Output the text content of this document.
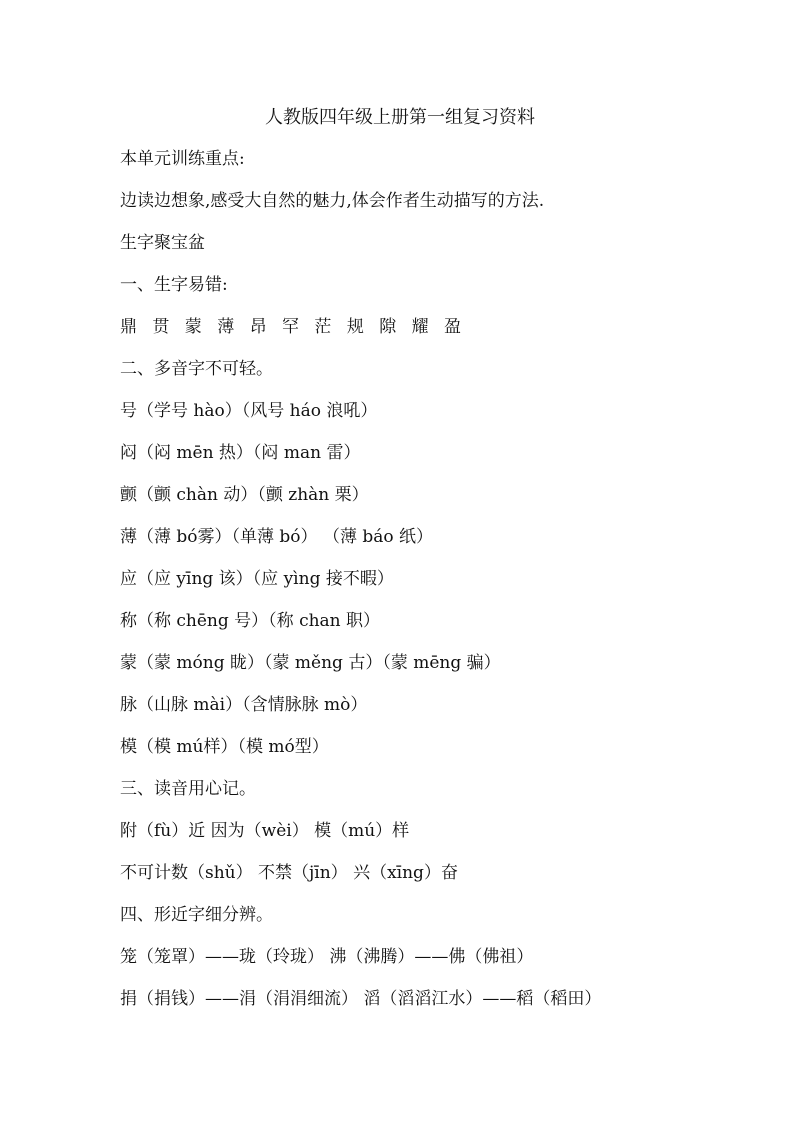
人教版四年级上册第一组复习资料
本单元训练重点:
边读边想象,感受大自然的魅力,体会作者生动描写的方法.
生字聚宝盆
一、生字易错:
鼎 贯 蒙 薄 昂 罕 茫 规 隙 耀 盈
二、多音字不可轻。
号（学号 hào）（风号 háo 浪吼）
闷（闷 mēn 热）（闷 man 雷）
颤（颤 chàn 动）（颤 zhàn 栗）
薄（薄 bó雾）（单薄 bó） （薄 báo 纸）
应（应 yīng 该）（应 yìng 接不暇）
称（称 chēng 号）（称 chan 职）
蒙（蒙 móng 眬）（蒙 měng 古）（蒙 mēng 骗）
脉（山脉 mài）（含情脉脉 mò）
模（模 mú样）（模 mó型）
三、读音用心记。
附（fù）近 因为（wèi） 模（mú）样
不可计数（shǔ） 不禁（jīn） 兴（xīng）奋
四、形近字细分辨。
笼（笼罩）——珑（玲珑） 沸（沸腾）——佛（佛祖）
捐（捐钱）——涓（涓涓细流） 滔（滔滔江水）——稻（稻田）
